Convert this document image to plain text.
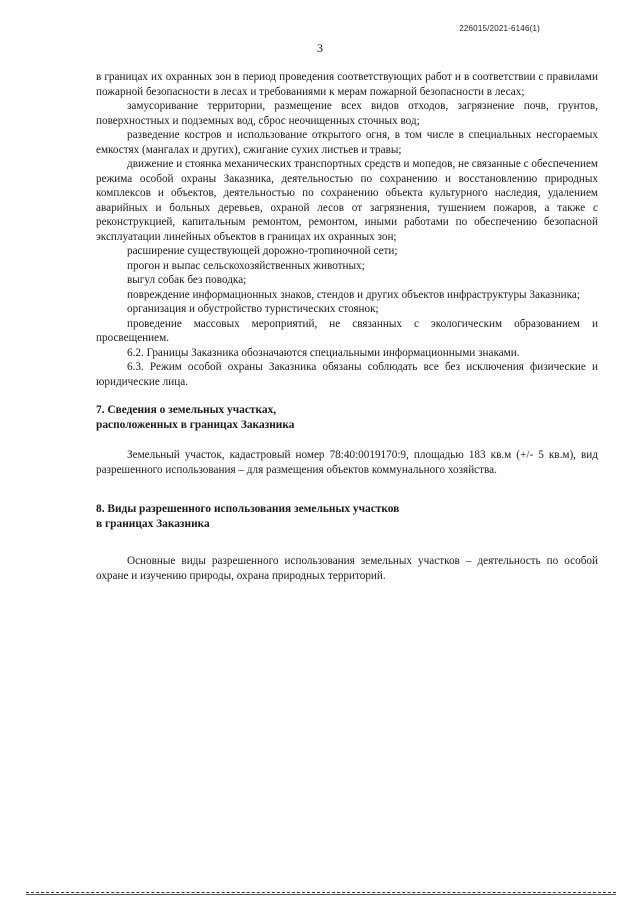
226015/2021-6146(1)
3

в границах их охранных зон в период проведения соответствующих работ и в соответствии с правилами пожарной безопасности в лесах и требованиями к мерам пожарной безопасности в лесах;

замусоривание территории, размещение всех видов отходов, загрязнение почв, грунтов, поверхностных и подземных вод, сброс неочищенных сточных вод;

разведение костров и использование открытого огня, в том числе в специальных несгораемых емкостях (мангалах и других), сжигание сухих листьев и травы;

движение и стоянка механических транспортных средств и мопедов, не связанные с обеспечением режима особой охраны Заказника, деятельностью по сохранению и восстановлению природных комплексов и объектов, деятельностью по сохранению объекта культурного наследия, удалением аварийных и больных деревьев, охраной лесов от загрязнения, тушением пожаров, а также с реконструкцией, капитальным ремонтом, ремонтом, иными работами по обеспечению безопасной эксплуатации линейных объектов в границах их охранных зон;

расширение существующей дорожно-тропиночной сети;

прогон и выпас сельскохозяйственных животных;

выгул собак без поводка;

повреждение информационных знаков, стендов и других объектов инфраструктуры Заказника;

организация и обустройство туристических стоянок;

проведение массовых мероприятий, не связанных с экологическим образованием и просвещением.

6.2. Границы Заказника обозначаются специальными информационными знаками.

6.3. Режим особой охраны Заказника обязаны соблюдать все без исключения физические и юридические лица.

7. Сведения о земельных участках,
расположенных в границах Заказника

Земельный участок, кадастровый номер 78:40:0019170:9, площадью 183 кв.м (+/- 5 кв.м), вид разрешенного использования – для размещения объектов коммунального хозяйства.

8. Виды разрешенного использования земельных участков
в границах Заказника

Основные виды разрешенного использования земельных участков – деятельность по особой охране и изучению природы, охрана природных территорий.
